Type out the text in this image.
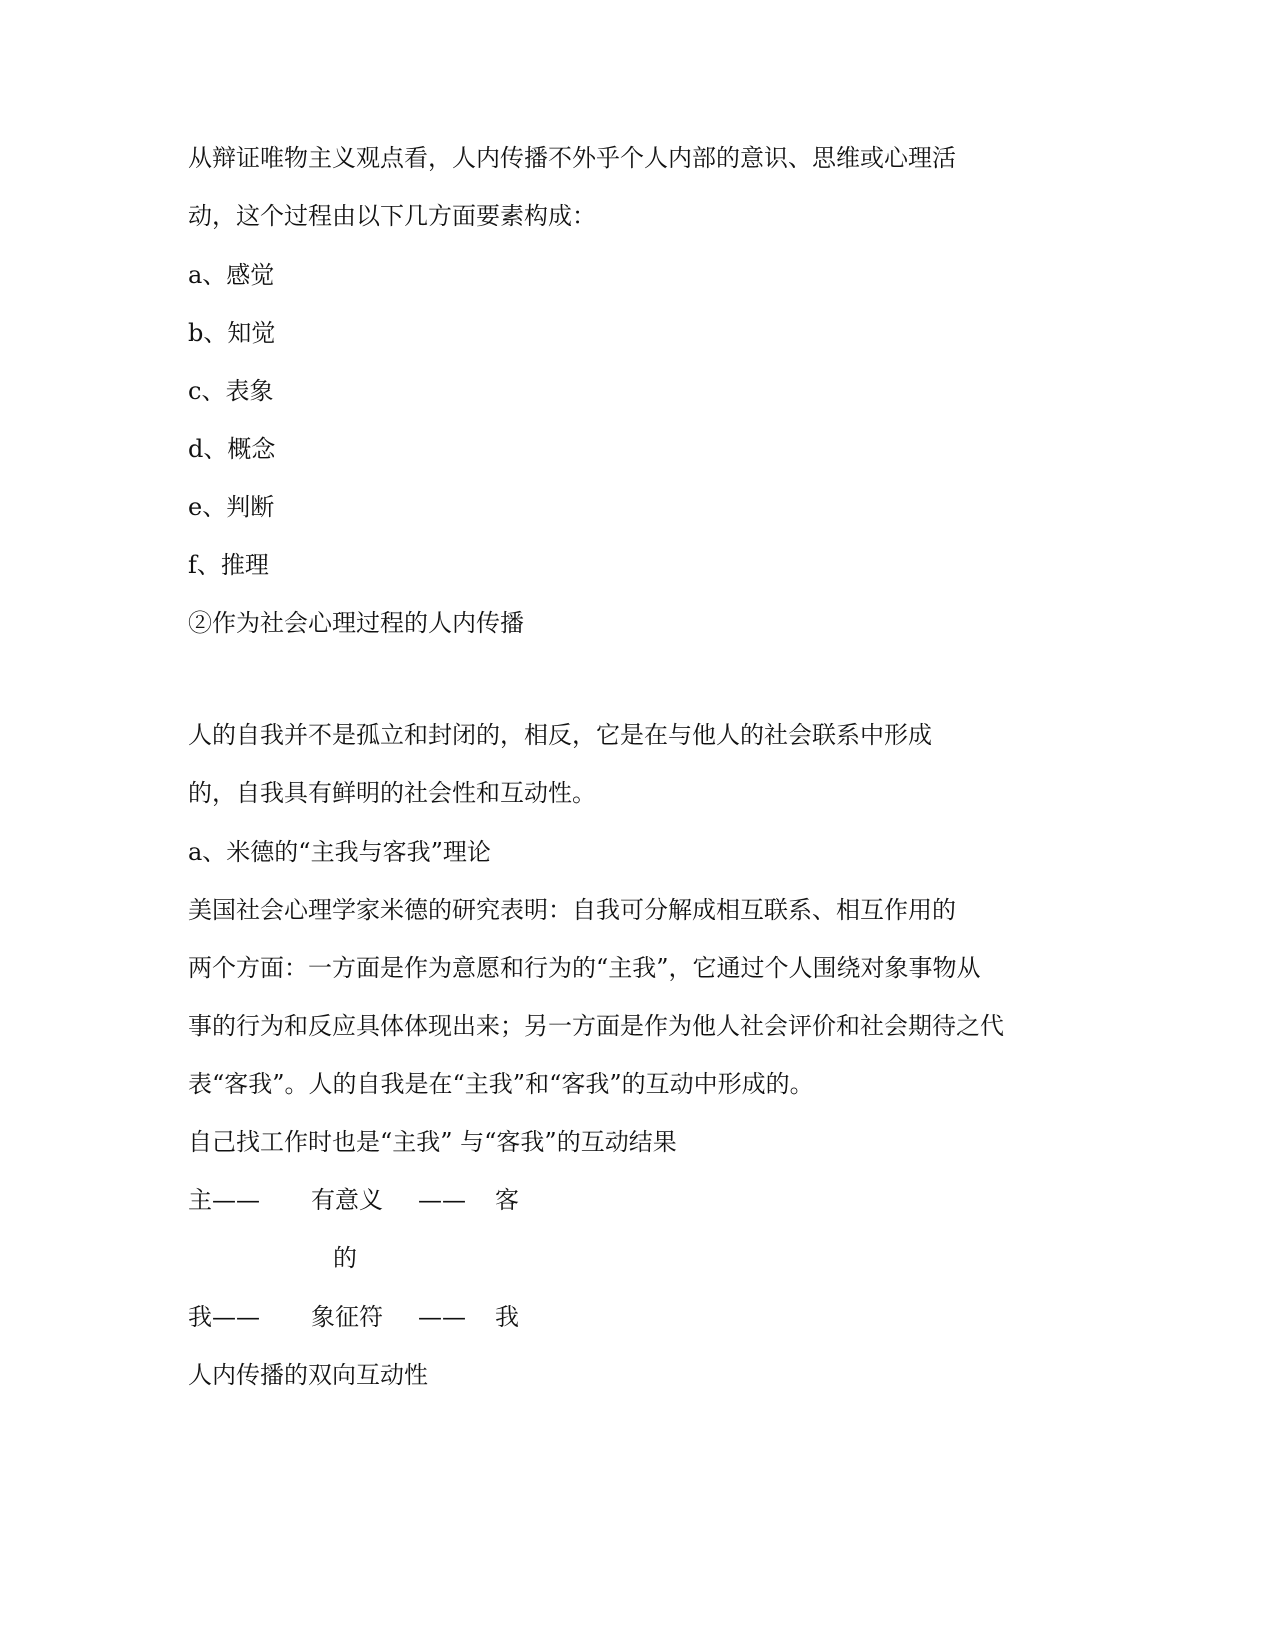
从辩证唯物主义观点看，人内传播不外乎个人内部的意识、思维或心理活
动，这个过程由以下几方面要素构成：
a、感觉
b、知觉
c、表象
d、概念
e、判断
f、推理
②作为社会心理过程的人内传播
人的自我并不是孤立和封闭的，相反，它是在与他人的社会联系中形成
的，自我具有鲜明的社会性和互动性。
a、米德的“主我与客我”理论
美国社会心理学家米德的研究表明：自我可分解成相互联系、相互作用的
两个方面：一方面是作为意愿和行为的“主我”，它通过个人围绕对象事物从
事的行为和反应具体体现出来；另一方面是作为他人社会评价和社会期待之代
表“客我”。人的自我是在“主我”和“客我”的互动中形成的。
自己找工作时也是“主我” 与“客我”的互动结果
主—— 有意义 —— 客
的
我—— 象征符 —— 我
人内传播的双向互动性
